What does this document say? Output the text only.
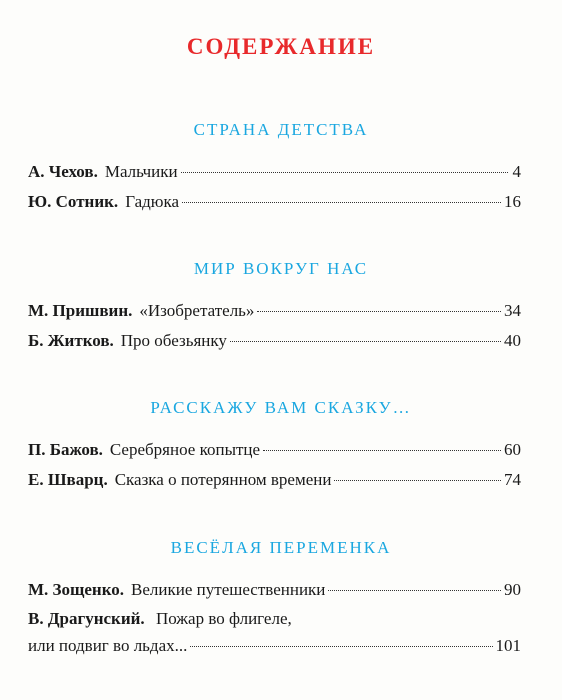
СОДЕРЖАНИЕ
СТРАНА ДЕТСТВА
А. Чехов. Мальчики	4
Ю. Сотник. Гадюка	16
МИР ВОКРУГ НАС
М. Пришвин. «Изобретатель»	34
Б. Житков. Про обезьянку	40
РАССКАЖУ ВАМ СКАЗКУ…
П. Бажов. Серебряное копытце	60
Е. Шварц. Сказка о потерянном времени	74
ВЕСЁЛАЯ ПЕРЕМЕНКА
М. Зощенко. Великие путешественники	90
В. Драгунский. Пожар во флигеле,
или подвиг во льдах...	101
